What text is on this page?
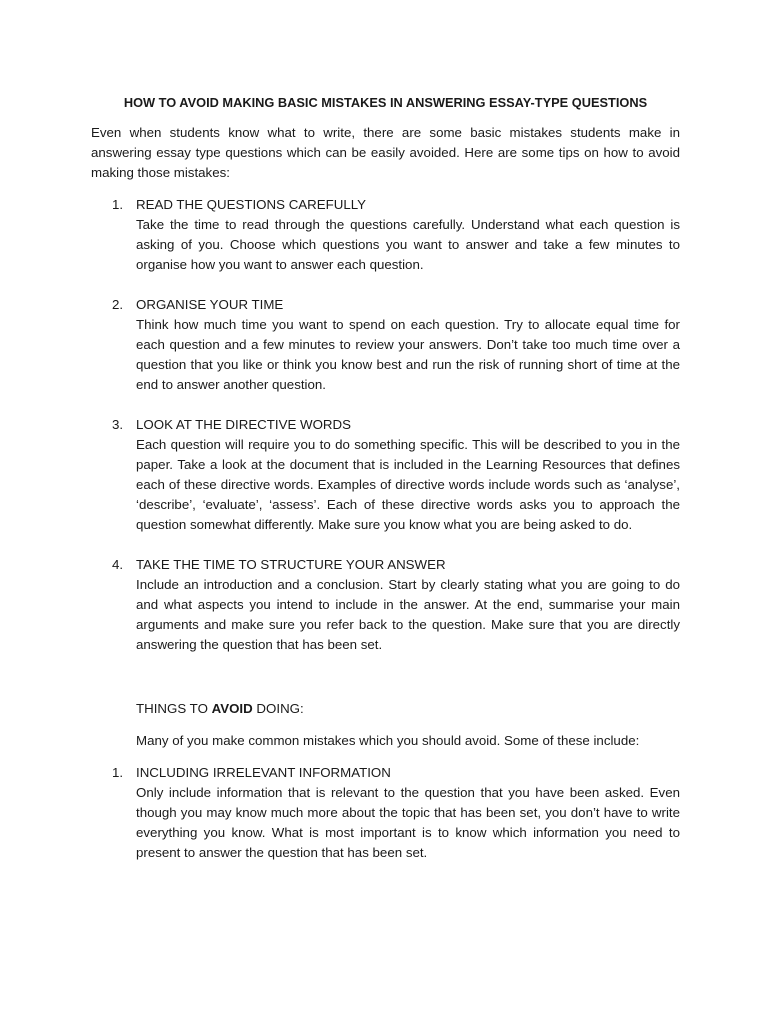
HOW TO AVOID MAKING BASIC MISTAKES IN ANSWERING ESSAY-TYPE QUESTIONS

Even when students know what to write, there are some basic mistakes students make in answering essay type questions which can be easily avoided. Here are some tips on how to avoid making those mistakes:

1. READ THE QUESTIONS CAREFULLY
Take the time to read through the questions carefully. Understand what each question is asking of you. Choose which questions you want to answer and take a few minutes to organise how you want to answer each question.
2. ORGANISE YOUR TIME
Think how much time you want to spend on each question. Try to allocate equal time for each question and a few minutes to review your answers. Don’t take too much time over a question that you like or think you know best and run the risk of running short of time at the end to answer another question.
3. LOOK AT THE DIRECTIVE WORDS
Each question will require you to do something specific. This will be described to you in the paper. Take a look at the document that is included in the Learning Resources that defines each of these directive words. Examples of directive words include words such as ‘analyse’, ‘describe’, ‘evaluate’, ‘assess’. Each of these directive words asks you to approach the question somewhat differently. Make sure you know what you are being asked to do.
4. TAKE THE TIME TO STRUCTURE YOUR ANSWER
Include an introduction and a conclusion. Start by clearly stating what you are going to do and what aspects you intend to include in the answer. At the end, summarise your main arguments and make sure you refer back to the question. Make sure that you are directly answering the question that has been set.
THINGS TO AVOID DOING:

Many of you make common mistakes which you should avoid. Some of these include:

1. INCLUDING IRRELEVANT INFORMATION
Only include information that is relevant to the question that you have been asked. Even though you may know much more about the topic that has been set, you don’t have to write everything you know. What is most important is to know which information you need to present to answer the question that has been set.
